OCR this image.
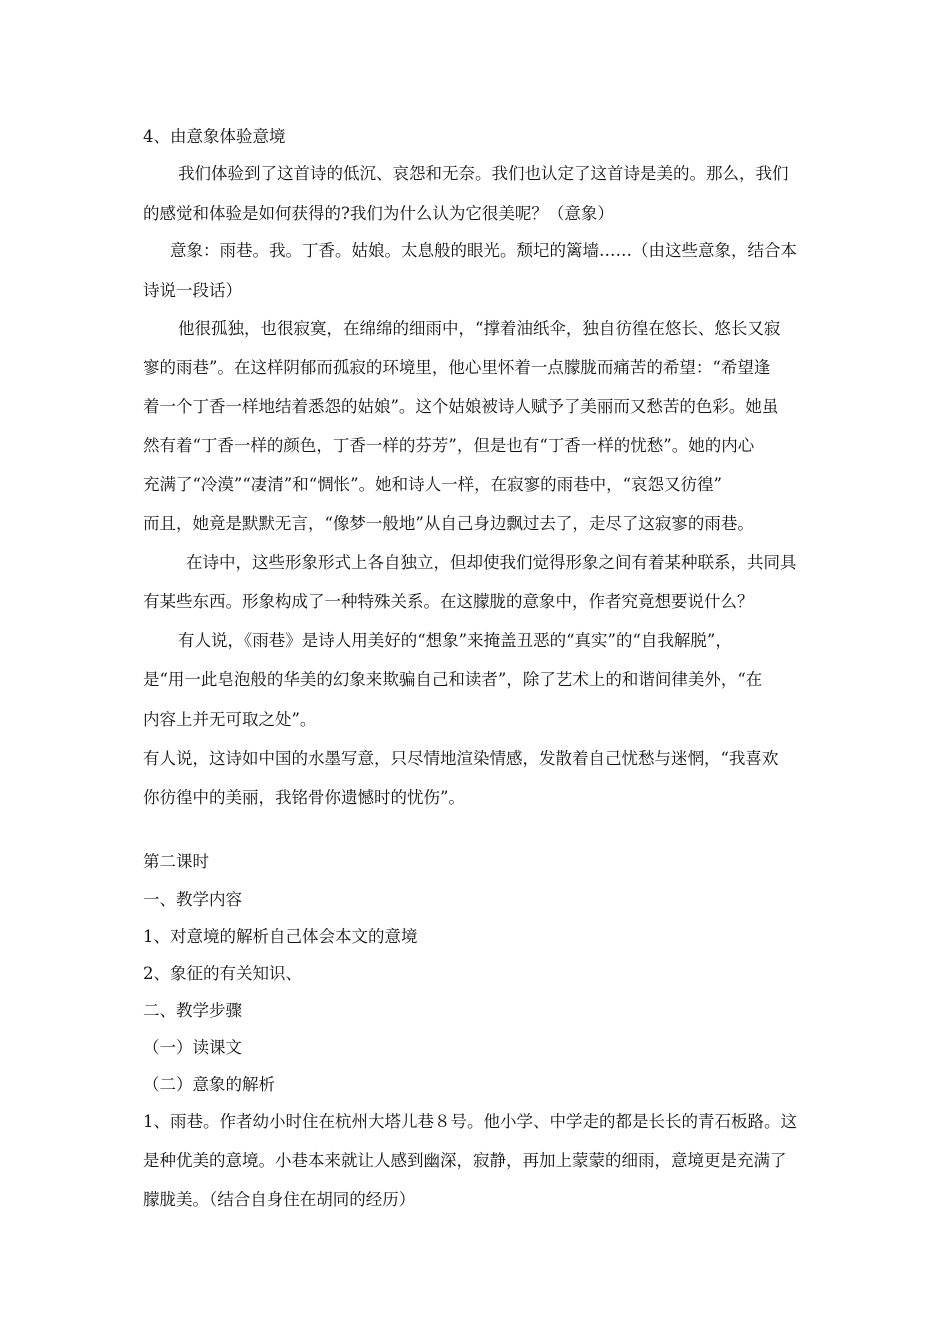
4、由意象体验意境
我们体验到了这首诗的低沉、哀怨和无奈。我们也认定了这首诗是美的。那么，我们
的感觉和体验是如何获得的?我们为什么认为它很美呢？（意象）
意象：雨巷。我。丁香。姑娘。太息般的眼光。颓圮的篱墙……（由这些意象，结合本
诗说一段话）
他很孤独，也很寂寞，在绵绵的细雨中，“撑着油纸伞，独自彷徨在悠长、悠长又寂
寥的雨巷”。在这样阴郁而孤寂的环境里，他心里怀着一点朦胧而痛苦的希望：“希望逢
着一个丁香一样地结着悉怨的姑娘”。这个姑娘被诗人赋予了美丽而又愁苦的色彩。她虽
然有着“丁香一样的颜色，丁香一样的芬芳”，但是也有“丁香一样的忧愁”。她的内心
充满了“冷漠”“凄清”和“惆怅”。她和诗人一样，在寂寥的雨巷中，“哀怨又彷徨”
而且，她竟是默默无言，“像梦一般地”从自己身边飘过去了，走尽了这寂寥的雨巷。
在诗中，这些形象形式上各自独立，但却使我们觉得形象之间有着某种联系，共同具
有某些东西。形象构成了一种特殊关系。在这朦胧的意象中，作者究竟想要说什么？
有人说，《雨巷》是诗人用美好的“想象”来掩盖丑恶的“真实”的“自我解脱”，
是“用一此皂泡般的华美的幻象来欺骗自己和读者”，除了艺术上的和谐间律美外，“在
内容上并无可取之处”。
有人说，这诗如中国的水墨写意，只尽情地渲染情感，发散着自己忧愁与迷惘，“我喜欢
你彷徨中的美丽，我铭骨你遗憾时的忧伤”。
第二课时
一、教学内容
1、对意境的解析自己体会本文的意境
2、象征的有关知识、
二、教学步骤
（一）读课文
（二）意象的解析
1、雨巷。作者幼小时住在杭州大塔儿巷８号。他小学、中学走的都是长长的青石板路。这
是种优美的意境。小巷本来就让人感到幽深，寂静，再加上蒙蒙的细雨，意境更是充满了
朦胧美。（结合自身住在胡同的经历）
